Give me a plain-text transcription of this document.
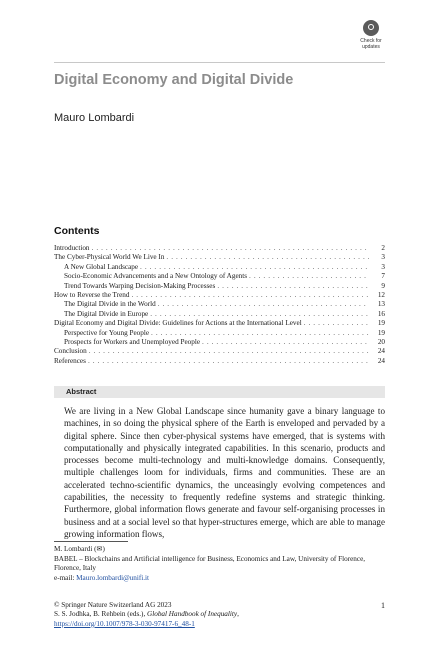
Check for
updates
Digital Economy and Digital Divide
Mauro Lombardi
Contents
Introduction . . .	2
The Cyber-Physical World We Live In . . .	3
A New Global Landscape . . .	3
Socio-Economic Advancements and a New Ontology of Agents . . .	7
Trend Towards Warping Decision-Making Processes . . .	9
How to Reverse the Trend . . .	12
The Digital Divide in the World . . .	13
The Digital Divide in Europe . . .	16
Digital Economy and Digital Divide: Guidelines for Actions at the International Level . . .	19
Perspective for Young People . . .	19
Prospects for Workers and Unemployed People . . .	20
Conclusion . . .	24
References . . .	24
Abstract
We are living in a New Global Landscape since humanity gave a binary language to machines, in so doing the physical sphere of the Earth is enveloped and pervaded by a digital sphere. Since then cyber-physical systems have emerged, that is systems with computationally and physically integrated capabilities. In this scenario, products and processes become multi-technology and multi-knowledge domains. Consequently, multiple challenges loom for individuals, firms and communities. These are an accelerated techno-scientific dynamics, the unceasingly evolving competences and capabilities, the necessity to frequently redefine systems and strategic thinking. Furthermore, global information flows generate and favour self-organising processes in business and at a social level so that hyper-structures emerge, which are able to manage growing information flows,
M. Lombardi (✉)
BABEL – Blockchains and Artificial intelligence for Business, Economics and Law, University of Florence, Florence, Italy
e-mail: Mauro.lombardi@unifi.it
© Springer Nature Switzerland AG 2023	1
S. S. Jodhka, B. Rehbein (eds.), Global Handbook of Inequality,
https://doi.org/10.1007/978-3-030-97417-6_48-1
